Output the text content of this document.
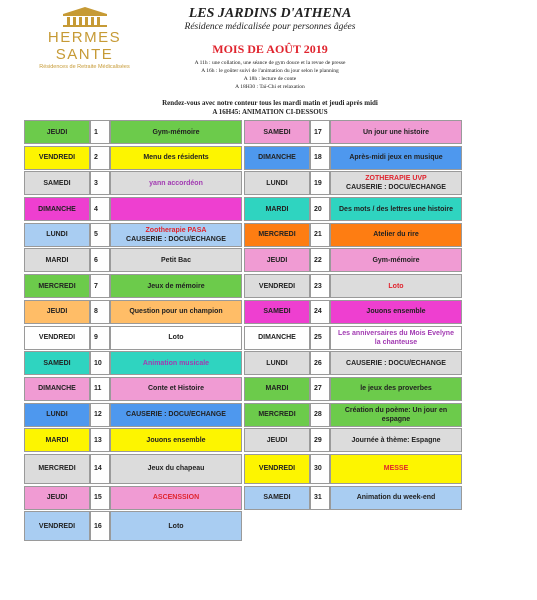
HERMES SANTE
Résidences de Retraite Médicalisées
LES JARDINS D'ATHENA
Résidence médicalisée pour personnes âgées
MOIS DE AOÛT 2019
A 11h : une collation, une séance de gym douce et la revue de presse
A 16h : le goûter suivi de l'animation du jour selon le planning
A 18h : lecture de conte
A 18H30 : Taï-Chi et relaxation
Rendez-vous avec notre conteur tous les mardi matin et jeudi après midi
A 16H45: ANIMATION CI-DESSOUS
JEUDI	1	Gym-mémoire
VENDREDI	2	Menu des résidents
SAMEDI	3	yann accordéon
DIMANCHE	4
LUNDI	5
Zootherapie PASA
CAUSERIE : DOCU/ECHANGE
MARDI	6	Petit Bac
MERCREDI	7	Jeux de mémoire
JEUDI	8	Question pour un champion
VENDREDI	9	Loto
SAMEDI	10	Animation musicale
DIMANCHE	11	Conte et Histoire
LUNDI	12	CAUSERIE : DOCU/ECHANGE
MARDI	13	Jouons ensemble
MERCREDI	14	Jeux du chapeau
JEUDI	15	ASCENSSION
VENDREDI	16	Loto
SAMEDI	17	Un jour une histoire
DIMANCHE	18	Après-midi jeux en musique
LUNDI	19
ZOTHERAPIE UVP
CAUSERIE : DOCU/ECHANGE
MARDI	20	Des mots / des lettres une histoire
MERCREDI	21	Atelier du rire
JEUDI	22	Gym-mémoire
VENDREDI	23	Loto
SAMEDI	24	Jouons ensemble
DIMANCHE	25
Les anniversaires du Mois Evelyne la chanteuse
LUNDI	26	CAUSERIE : DOCU/ECHANGE
MARDI	27	le jeux des proverbes
MERCREDI	28
Création du poème: Un jour en espagne
JEUDI	29	Journée à thème: Espagne
VENDREDI	30	MESSE
SAMEDI	31	Animation du week-end
